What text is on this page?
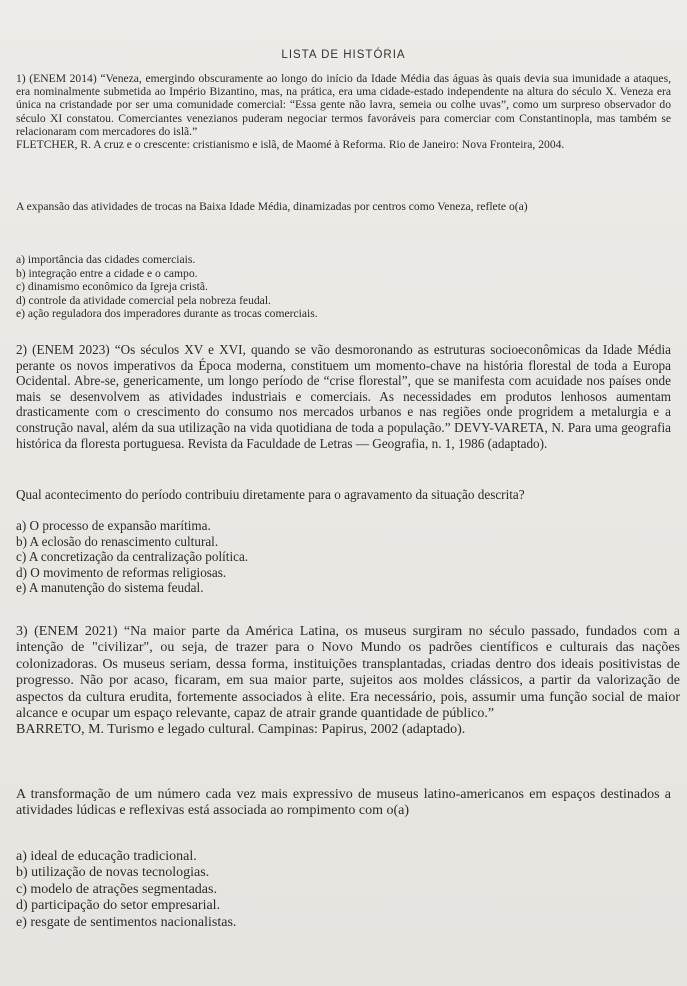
LISTA DE HISTÓRIA

1) (ENEM 2014) “Veneza, emergindo obscuramente ao longo do início da Idade Média das águas às quais devia sua imunidade a ataques, era nominalmente submetida ao Império Bizantino, mas, na prática, era uma cidade-estado independente na altura do século X. Veneza era única na cristandade por ser uma comunidade comercial: “Essa gente não lavra, semeia ou colhe uvas”, como um surpreso observador do século XI constatou. Comerciantes venezianos puderam negociar termos favoráveis para comerciar com Constantinopla, mas também se relacionaram com mercadores do islã.”

FLETCHER, R. A cruz e o crescente: cristianismo e islã, de Maomé à Reforma. Rio de Janeiro: Nova Fronteira, 2004.

A expansão das atividades de trocas na Baixa Idade Média, dinamizadas por centros como Veneza, reflete o(a)

a) importância das cidades comerciais.

b) integração entre a cidade e o campo.

c) dinamismo econômico da Igreja cristã.

d) controle da atividade comercial pela nobreza feudal.

e) ação reguladora dos imperadores durante as trocas comerciais.

2) (ENEM 2023) “Os séculos XV e XVI, quando se vão desmoronando as estruturas socioeconômicas da Idade Média perante os novos imperativos da Época moderna, constituem um momento-chave na história florestal de toda a Europa Ocidental. Abre-se, genericamente, um longo período de “crise florestal”, que se manifesta com acuidade nos países onde mais se desenvolvem as atividades industriais e comerciais. As necessidades em produtos lenhosos aumentam drasticamente com o crescimento do consumo nos mercados urbanos e nas regiões onde progridem a metalurgia e a construção naval, além da sua utilização na vida quotidiana de toda a população.” DEVY-VARETA, N. Para uma geografia histórica da floresta portuguesa. Revista da Faculdade de Letras — Geografia, n. 1, 1986 (adaptado).

Qual acontecimento do período contribuiu diretamente para o agravamento da situação descrita?

a) O processo de expansão marítima.

b) A eclosão do renascimento cultural.

c) A concretização da centralização política.

d) O movimento de reformas religiosas.

e) A manutenção do sistema feudal.

3) (ENEM 2021) “Na maior parte da América Latina, os museus surgiram no século passado, fundados com a intenção de "civilizar", ou seja, de trazer para o Novo Mundo os padrões científicos e culturais das nações colonizadoras. Os museus seriam, dessa forma, instituições transplantadas, criadas dentro dos ideais positivistas de progresso. Não por acaso, ficaram, em sua maior parte, sujeitos aos moldes clássicos, a partir da valorização de aspectos da cultura erudita, fortemente associados à elite. Era necessário, pois, assumir uma função social de maior alcance e ocupar um espaço relevante, capaz de atrair grande quantidade de público.”

BARRETO, M. Turismo e legado cultural. Campinas: Papirus, 2002 (adaptado).

A transformação de um número cada vez mais expressivo de museus latino-americanos em espaços destinados a atividades lúdicas e reflexivas está associada ao rompimento com o(a)

a) ideal de educação tradicional.

b) utilização de novas tecnologias.

c) modelo de atrações segmentadas.

d) participação do setor empresarial.

e) resgate de sentimentos nacionalistas.
